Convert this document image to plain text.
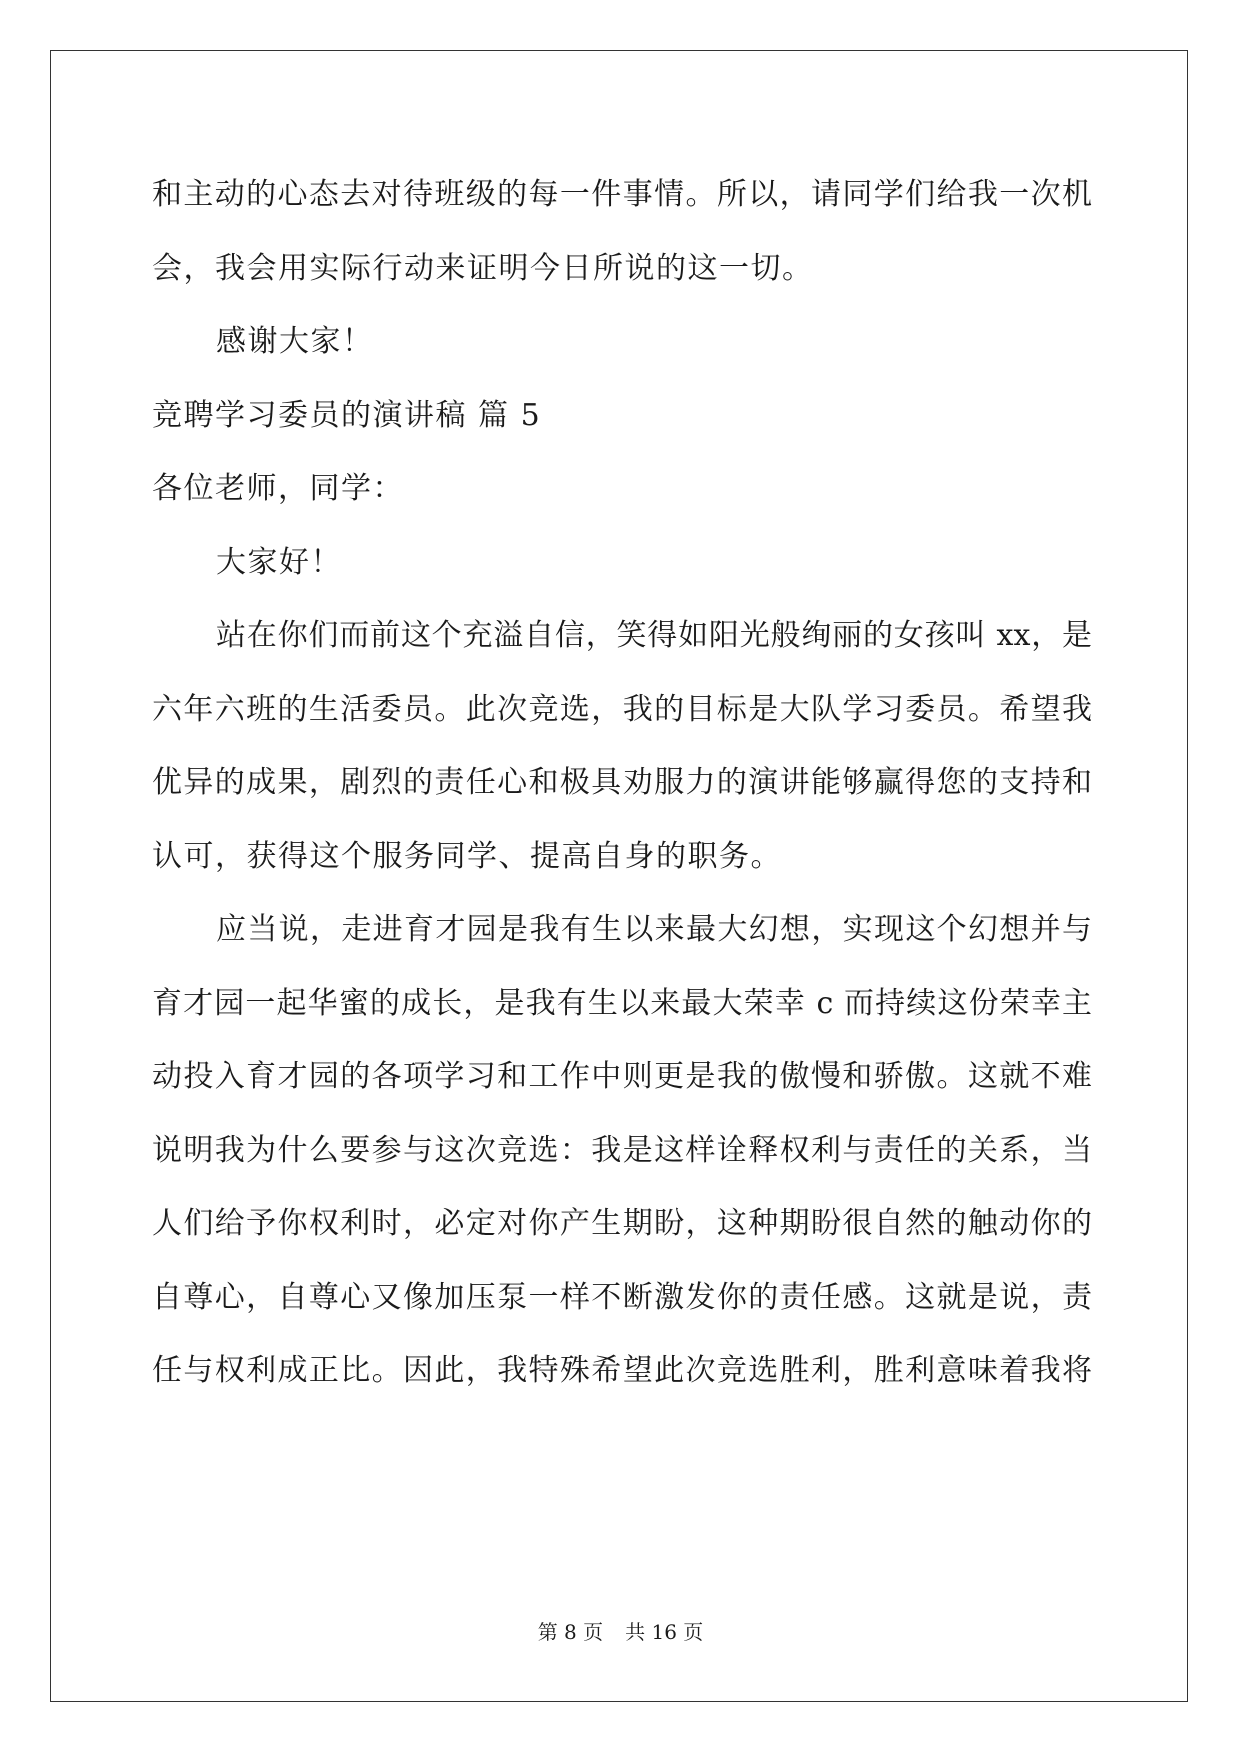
和主动的心态去对待班级的每一件事情。所以，请同学们给我一次机
会，我会用实际行动来证明今日所说的这一切。
感谢大家！
竞聘学习委员的演讲稿 篇 5
各位老师，同学：
大家好！
站在你们而前这个充溢自信，笑得如阳光般绚丽的女孩叫 xx，是
六年六班的生活委员。此次竞选，我的目标是大队学习委员。希望我
优异的成果，剧烈的责任心和极具劝服力的演讲能够赢得您的支持和
认可，获得这个服务同学、提高自身的职务。
应当说，走进育才园是我有生以来最大幻想，实现这个幻想并与
育才园一起华蜜的成长，是我有生以来最大荣幸 c 而持续这份荣幸主
动投入育才园的各项学习和工作中则更是我的傲慢和骄傲。这就不难
说明我为什么要参与这次竞选：我是这样诠释权利与责任的关系，当
人们给予你权利时，必定对你产生期盼，这种期盼很自然的触动你的
自尊心，自尊心又像加压泵一样不断激发你的责任感。这就是说，责
任与权利成正比。因此，我特殊希望此次竞选胜利，胜利意味着我将
第 8 页 共 16 页
